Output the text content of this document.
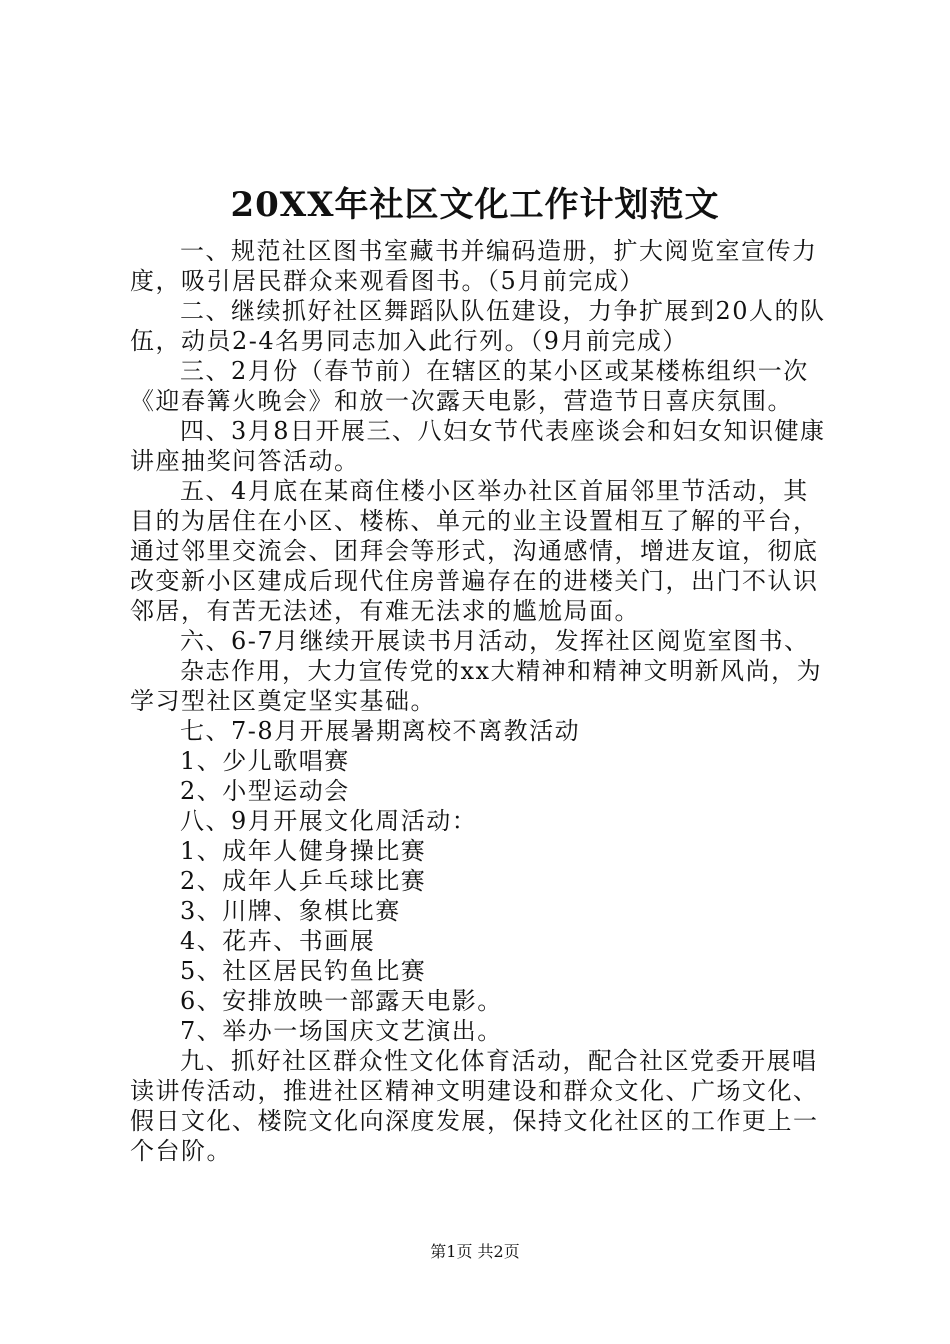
20XX年社区文化工作计划范文
一、规范社区图书室藏书并编码造册，扩大阅览室宣传力
度，吸引居民群众来观看图书。（5月前完成）
二、继续抓好社区舞蹈队队伍建设，力争扩展到20人的队
伍，动员2-4名男同志加入此行列。（9月前完成）
三、2月份（春节前）在辖区的某小区或某楼栋组织一次
《迎春篝火晚会》和放一次露天电影，营造节日喜庆氛围。
四、3月8日开展三、八妇女节代表座谈会和妇女知识健康
讲座抽奖问答活动。
五、4月底在某商住楼小区举办社区首届邻里节活动，其
目的为居住在小区、楼栋、单元的业主设置相互了解的平台，
通过邻里交流会、团拜会等形式，沟通感情，增进友谊，彻底
改变新小区建成后现代住房普遍存在的进楼关门，出门不认识
邻居，有苦无法述，有难无法求的尴尬局面。
六、6-7月继续开展读书月活动，发挥社区阅览室图书、
杂志作用，大力宣传党的xx大精神和精神文明新风尚，为
学习型社区奠定坚实基础。
七、7-8月开展暑期离校不离教活动
1、少儿歌唱赛
2、小型运动会
八、9月开展文化周活动：
1、成年人健身操比赛
2、成年人乒乓球比赛
3、川牌、象棋比赛
4、花卉、书画展
5、社区居民钓鱼比赛
6、安排放映一部露天电影。
7、举办一场国庆文艺演出。
九、抓好社区群众性文化体育活动，配合社区党委开展唱
读讲传活动，推进社区精神文明建设和群众文化、广场文化、
假日文化、楼院文化向深度发展，保持文化社区的工作更上一
个台阶。
第1页 共2页
